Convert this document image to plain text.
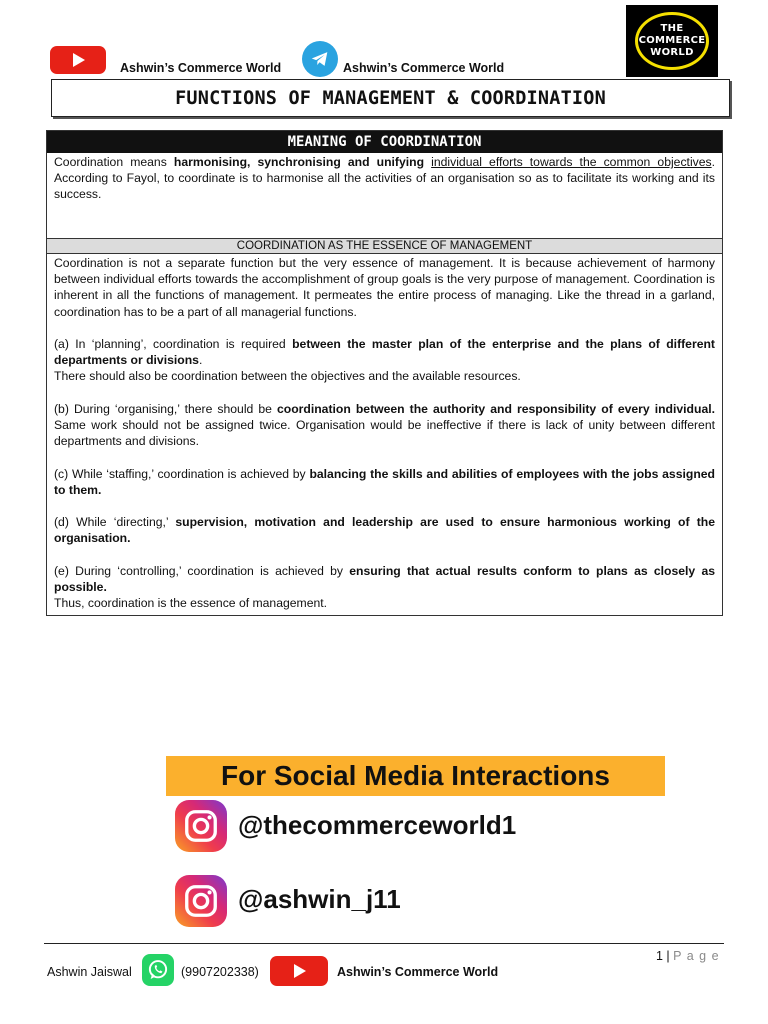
Ashwin’s Commerce World	Ashwin’s Commerce World
THE
COMMERCE
WORLD
FUNCTIONS OF MANAGEMENT & COORDINATION
MEANING OF COORDINATION

Coordination means harmonising, synchronising and unifying individual efforts towards the common objectives. According to Fayol, to coordinate is to harmonise all the activities of an organisation so as to facilitate its working and its success.

COORDINATION AS THE ESSENCE OF MANAGEMENT

Coordination is not a separate function but the very essence of management. It is because achievement of harmony between individual efforts towards the accomplishment of group goals is the very purpose of management. Coordination is inherent in all the functions of management. It permeates the entire process of managing. Like the thread in a garland, coordination has to be a part of all managerial functions.

(a) In ‘planning’, coordination is required between the master plan of the enterprise and the plans of different departments or divisions.

There should also be coordination between the objectives and the available resources.

(b) During ‘organising,’ there should be coordination between the authority and responsibility of every individual. Same work should not be assigned twice. Organisation would be ineffective if there is lack of unity between different departments and divisions.

(c) While ‘staffing,’ coordination is achieved by balancing the skills and abilities of employees with the jobs assigned to them.

(d) While ‘directing,’ supervision, motivation and leadership are used to ensure harmonious working of the organisation.

(e) During ‘controlling,’ coordination is achieved by ensuring that actual results conform to plans as closely as possible.

Thus, coordination is the essence of management.

For Social Media Interactions
@thecommerceworld1
@ashwin_j11
1 | P a g e
Ashwin Jaiswal	(9907202338)	Ashwin’s Commerce World
